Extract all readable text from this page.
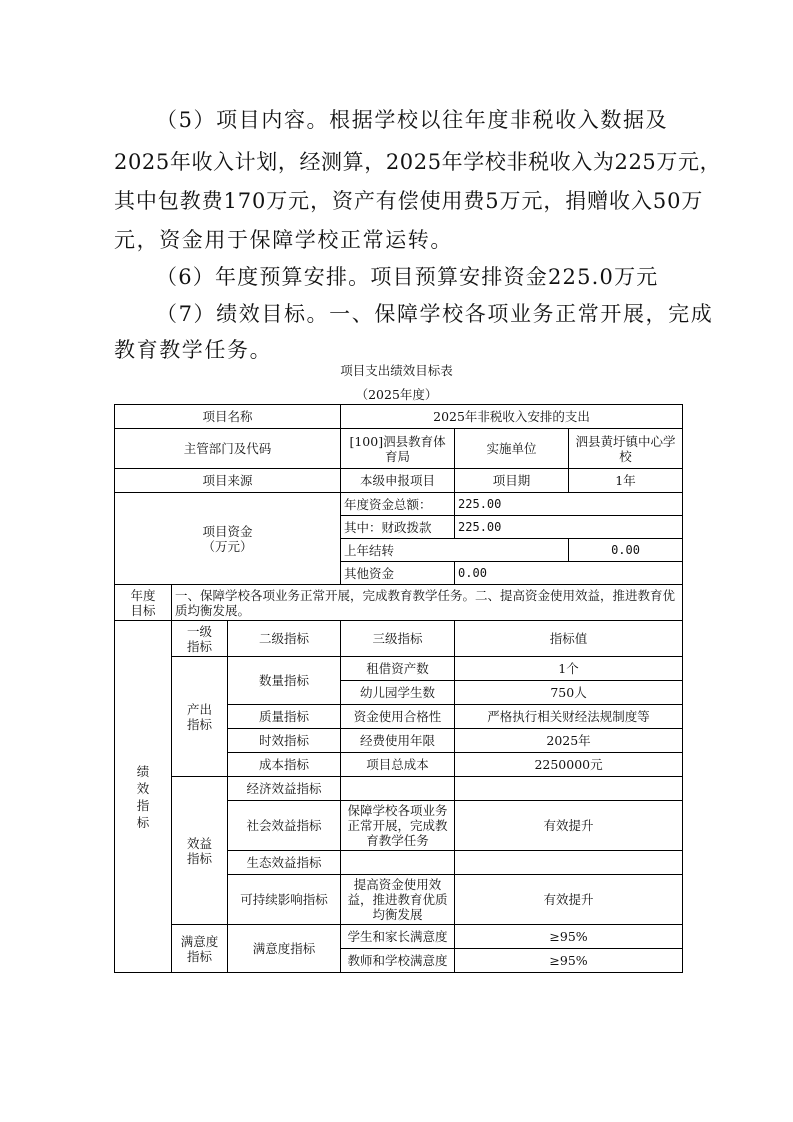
（5）项目内容。根据学校以往年度非税收入数据及
2025年收入计划，经测算，2025年学校非税收入为225万元，
其中包教费170万元，资产有偿使用费5万元，捐赠收入50万
元，资金用于保障学校正常运转。
（6）年度预算安排。项目预算安排资金225.0万元
（7）绩效目标。一、保障学校各项业务正常开展，完成
教育教学任务。
项目支出绩效目标表
（2025年度）
项目名称			2025年非税收入安排的支出		
主管部门及代码			[100]泗县教育体育局	实施单位	泗县黄圩镇中心学校
项目来源			本级申报项目	项目期	1年

项目资金
（万元）			年度资金总额：	225.00	
			其中：财政拨款	225.00	
			上年结转		0.00
			其他资金	0.00	

年度
目标	一、保障学校各项业务正常开展，完成教育教学任务。二、提高资金使用效益，推进教育优质均衡发展。				

绩效指标	一级指标	二级指标	三级指标	指标值	

	产出指标	数量指标	租借资产数	1个	
			幼儿园学生数	750人	
		质量指标	资金使用合格性	严格执行相关财经法规制度等	
		时效指标	经费使用年限	2025年	
		成本指标	项目总成本	2250000元	

	效益指标	经济效益指标			
		社会效益指标	保障学校各项业务正常开展，完成教育教学任务	有效提升	
		生态效益指标			
		可持续影响指标	提高资金使用效益，推进教育优质均衡发展	有效提升	

	满意度指标	满意度指标	学生和家长满意度	≥95%	
			教师和学校满意度	≥95%	
